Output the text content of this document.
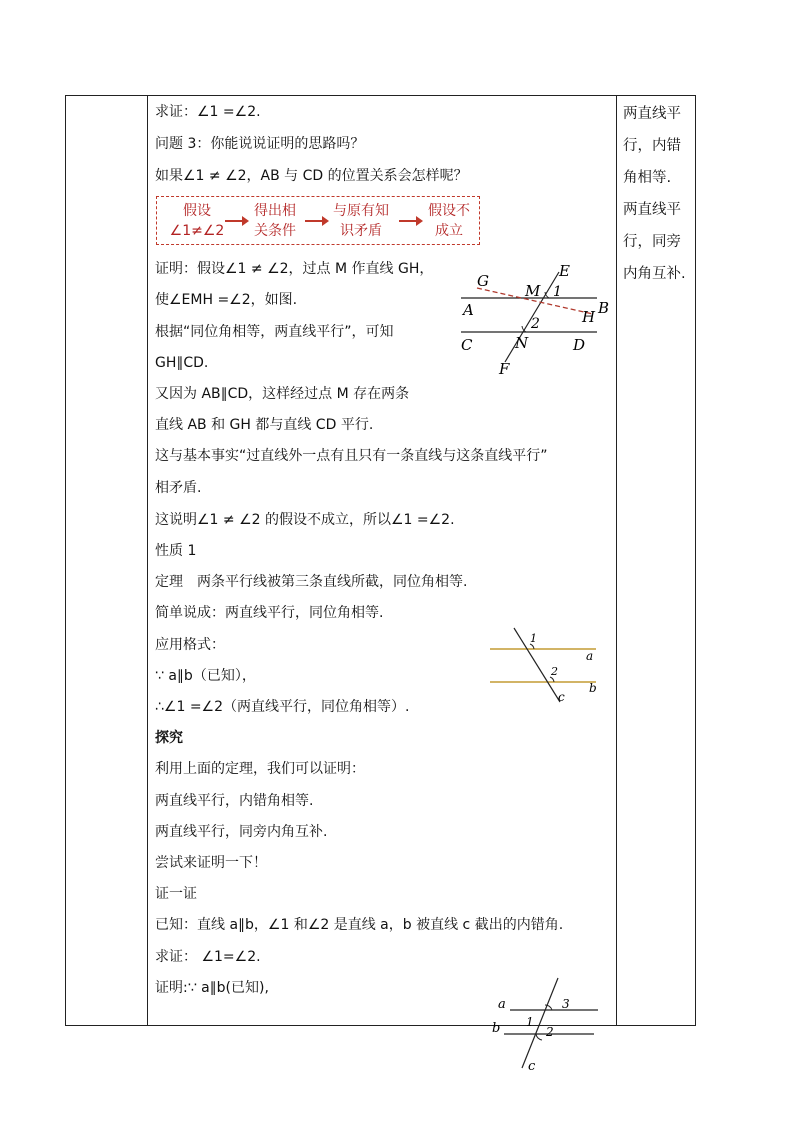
求证：∠1 =∠2.
问题 3：你能说说证明的思路吗？
如果∠1 ≠ ∠2，AB 与 CD 的位置关系会怎样呢？
假设
∠1≠∠2
得出相
关条件
与原有知
识矛盾
假设不
成立
证明：假设∠1 ≠ ∠2，过点 M 作直线 GH，
使∠EMH =∠2，如图.
根据“同位角相等，两直线平行”，可知
GH∥CD.
又因为 AB∥CD，这样经过点 M 存在两条
直线 AB 和 GH 都与直线 CD 平行.
这与基本事实“过直线外一点有且只有一条直线与这条直线平行”
相矛盾.
这说明∠1 ≠ ∠2 的假设不成立，所以∠1 =∠2.
性质 1
定理　两条平行线被第三条直线所截，同位角相等.
简单说成：两直线平行，同位角相等.
应用格式：
∵ a∥b（已知），
∴∠1 =∠2（两直线平行，同位角相等）.
探究
利用上面的定理，我们可以证明：
两直线平行，内错角相等.
两直线平行，同旁内角互补.
尝试来证明一下！
证一证
已知：直线 a∥b，∠1 和∠2 是直线 a，b 被直线 c 截出的内错角.
求证： ∠1=∠2.
证明:∵ a∥b(已知),
两直线平
行，内错
角相等.
两直线平
行，同旁
内角互补.
G
E
M 1
B
A	H
2
C	N	D
F
1
a
2
b
c
a	3
1
b	2
c
